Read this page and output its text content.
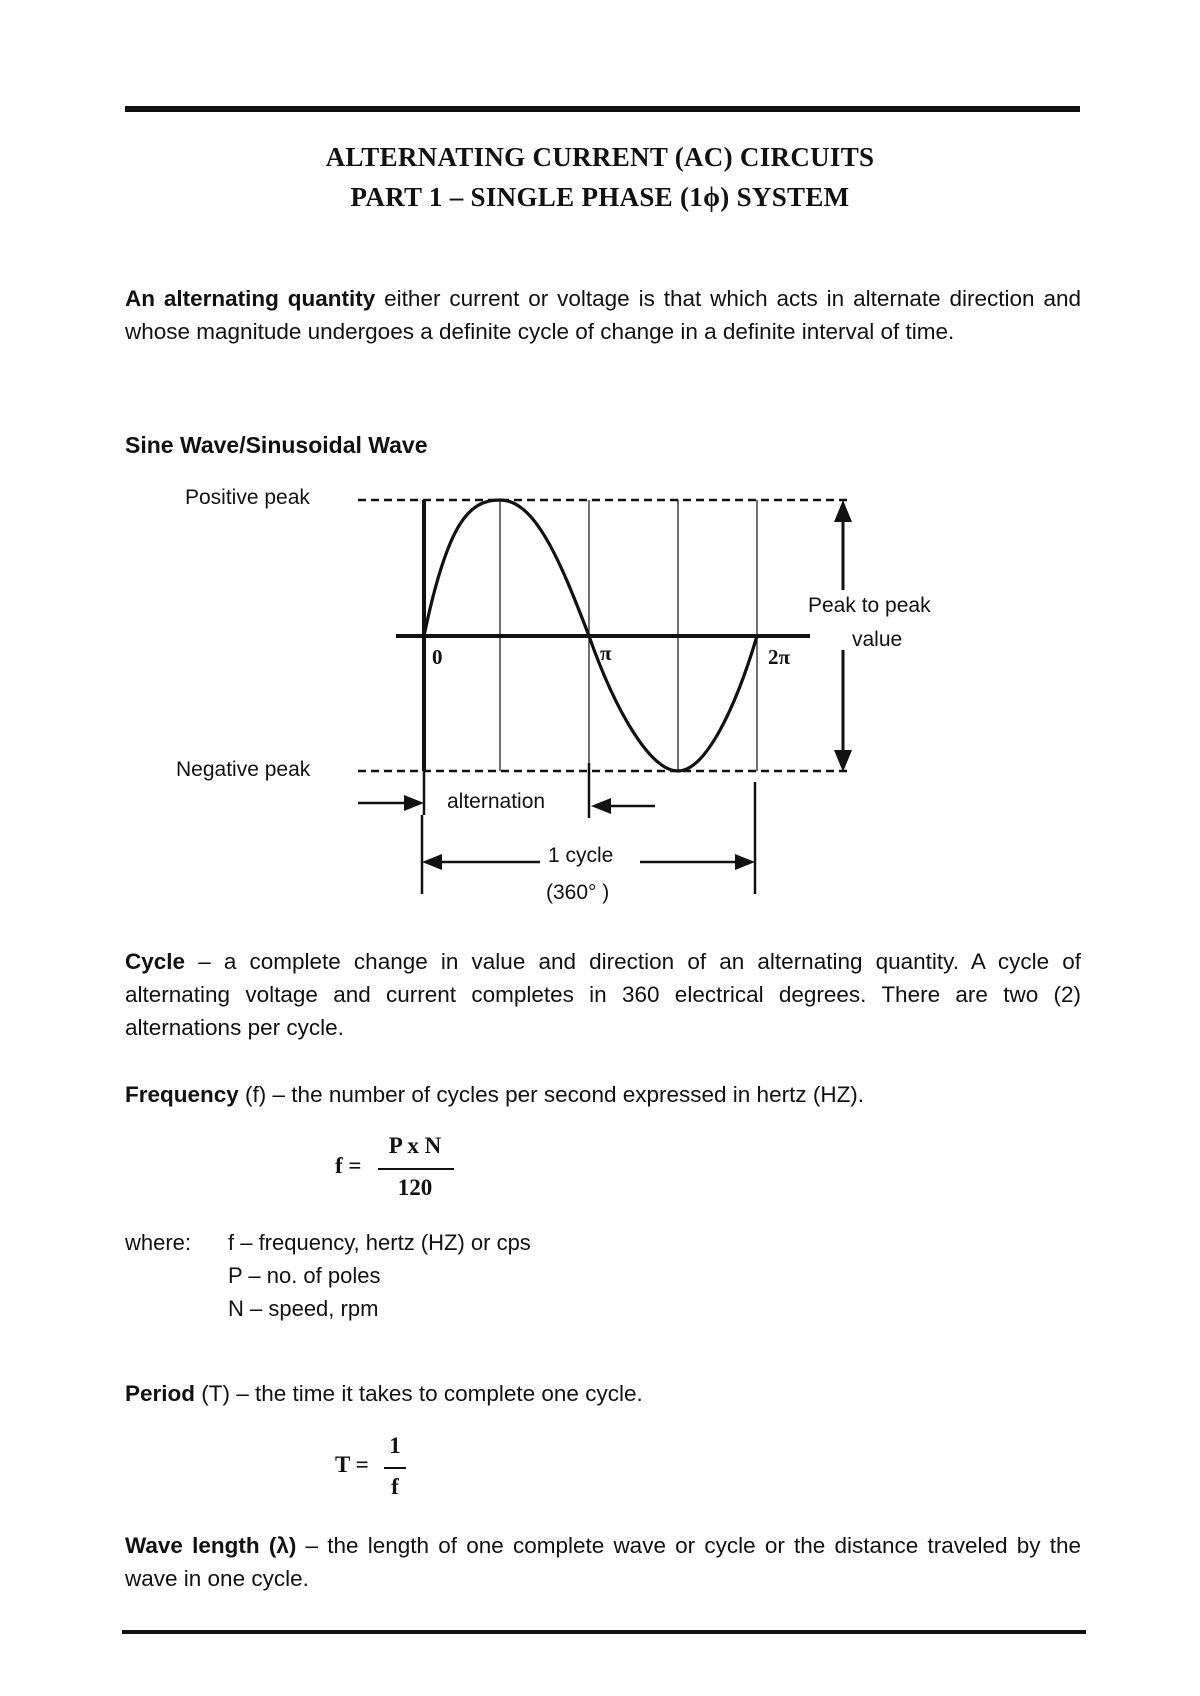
ALTERNATING CURRENT (AC) CIRCUITS
PART 1 – SINGLE PHASE (1ϕ) SYSTEM
An alternating quantity either current or voltage is that which acts in alternate direction and whose magnitude undergoes a definite cycle of change in a definite interval of time.
Sine Wave/Sinusoidal Wave
Positive peak
Negative peak
Peak to peak
value
0	π	2π
alternation
1 cycle
(360° )
Cycle – a complete change in value and direction of an alternating quantity. A cycle of alternating voltage and current completes in 360 electrical degrees. There are two (2) alternations per cycle.
Frequency (f) – the number of cycles per second expressed in hertz (HZ).
f =
P x N
120
where: f – frequency, hertz (HZ) or cps
P – no. of poles
N – speed, rpm
Period (T) – the time it takes to complete one cycle.
T =
1
f
Wave length (λ) – the length of one complete wave or cycle or the distance traveled by the wave in one cycle.
